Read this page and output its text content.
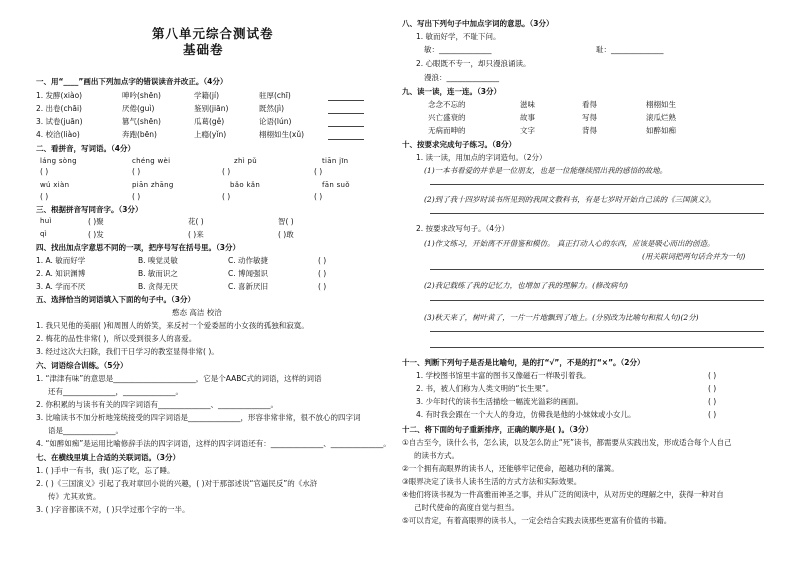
第八单元综合测试卷
基础卷
一、用“____”画出下列加点字的错误读音并改正。（4分）
1. 发酵(xiào)	呻吟(shēn)	学籍(jí)	驻厚(chī)
2. 出卷(chāi)	厌倦(guì)	鉴别(jiān)	既然(jì)
3. 试卷(juān)	篡气(shēn)	瓜葛(gě)	论语(lún)
4. 校洽(liào)	奔跑(bēn)	上瘾(yǐn)	栩栩如生(xǔ)
二、看拼音，写词语。（4分）
láng sòng	chéng wèi	zhì pǔ	tiān jīn
( )	( )	( )	( )
wú xiàn	piān zhāng	bǎo kǎn	fān suǒ
( )	( )	( )	( )
三、根据拼音写同音字。（3分）
huì	( )聚	花( )	智( )
qì	( )发	( )来	( )敢
四、找出加点字意思不同的一项，把序号写在括号里。（3分）
1. A. 敏而好学	B. 嗅觉灵敏	C. 动作敏捷	( )
2. A. 知识渊博	B. 敏而识之	C. 博闻强识	( )
3. A. 学而不厌	B. 贪得无厌	C. 喜新厌旧	( )
五、选择恰当的词语填入下面的句子中。（3分）
憨态 高洁 校洽
1. 我只见他的美丽( )和周围人的娇笑，来反衬一个爱委屈的小女孩的孤独和寂寞。
2. 梅花的品性非常( )，所以受到很多人的喜爱。
3. 经过这次大扫除，我们干日学习的教室显得非常( )。
六、词语综合训练。（5分）
1. “津津有味”的意思是______________________，它是个AABC式的词语，这样的词语
还有______________，______________。
2. 你积累的与读书有关的四字词语有______________、______________。
3. 比喻读书不加分析地笼统接受的四字词语是______________，形容非常非常，很不放心的四字词
语是______________。
4. “如醉如痴”是运用比喻修辞手法的四字词语，这样的四字词语还有：______________、______________。
七、在横线里填上合适的关联词语。（3分）
1. ( )手中一有书，我( )忘了吃，忘了睡。
2. ( )《三国演义》引起了我对章回小说的兴趣，( )对于那部述说“官逼民反”的《水浒
传》尤其欢赏。
3. ( )字音都读不对，( )只学过那个字的一半。
八、写出下列句子中加点字词的意思。（3分）
1. 敏而好学，不耻下问。
敏：______________	耻：______________
2. 心眼既不专一，却只漫浪诵读。
漫浪：______________
九、读一读，连一连。（3分）
念念不忘的	滋味	看得	栩栩如生
兴亡盛衰的	故事	写得	滚瓜烂熟
无病而呻的	文字	背得	如醉如痴
十、按要求完成句子练习。（8分）
1. 读一读，用加点的字词造句。（2分）
(1)一本书看爱的并非是一位朋友，也是一位能继续照出我的感悟的故地。
(2)到了我十四岁时读书所见到的我国文教科书，有是七岁时开始自己读的《三国演义》。
2. 按要求改写句子。（4分）
(1)作文练习，开始离不开借鉴和模仿。 真正打动人心的东西，应该是吸心而出的创造。
(用关联词把两句话合并为一句)
(2)我记载练了我的记忆力，也增加了我的理解力。(修改病句)
(3)秋天来了，树叶黄了，一片一片地飘到了地上。(分别改为比喻句和拟人句)(2分)
十一、判断下列句子是否是比喻句，是的打“√”，不是的打“×”。（2分）
1. 学校图书馆里丰富的图书又像磁石一样吸引着我。	( )
2. 书，被人们称为人类文明的“长生果”。	( )
3. 少年时代的读书生活描绘一幅流光溢彩的画面。	( )
4. 有时我会跟在一个大人的身边，仿佛我是他的小妹妹或小女儿。	( )
十二、将下面的句子重新排序，正确的顺序是( )。（3分）
①自古至今，读什么书，怎么读，以及怎么防止“死”读书，都需要从实践出发，形成适合每个人自己
的读书方式。
②一个拥有高眼界的读书人，还能够牢记使命，超越功利的藩篱。
③眼界决定了读书人读书生活的方式方法和实际效果。
④他们将读书视为一件高雅而神圣之事，并从广泛的阅读中，从对历史的理解之中，获得一种对自
己时代使命的高度自觉与担当。
⑤可以肯定，有着高眼界的读书人，一定会结合实践去读那些更富有价值的书籍。
